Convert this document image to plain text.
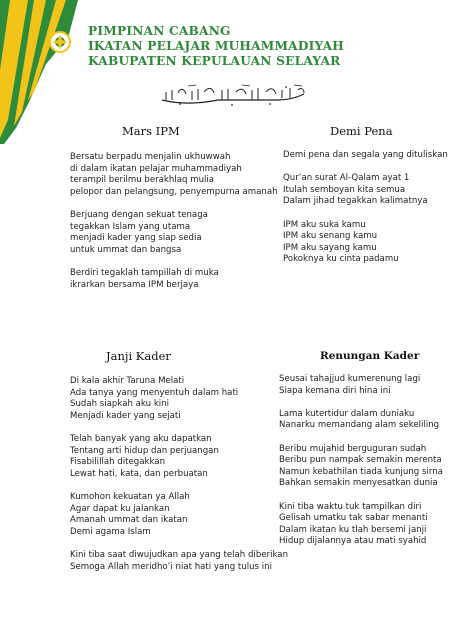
PIMPINAN CABANG
IKATAN PELAJAR MUHAMMADIYAH
KABUPATEN KEPULAUAN SELAYAR
Mars IPM
Bersatu berpadu menjalin ukhuwwah
di dalam ikatan pelajar muhammadiyah
terampil berilmu berakhlaq mulia
pelopor dan pelangsung, penyempurna amanah
Berjuang dengan sekuat tenaga
tegakkan Islam yang utama
menjadi kader yang siap sedia
untuk ummat dan bangsa
Berdiri tegaklah tampillah di muka
ikrarkan bersama IPM berjaya
Demi Pena
Demi pena dan segala yang dituliskan
Qur’an surat Al-Qalam ayat 1
Itulah semboyan kita semua
Dalam jihad tegakkan kalimatnya
IPM aku suka kamu
IPM aku senang kamu
IPM aku sayang kamu
Pokoknya ku cinta padamu
Janji Kader
Di kala akhir Taruna Melati
Ada tanya yang menyentuh dalam hati
Sudah siapkah aku kini
Menjadi kader yang sejati
Telah banyak yang aku dapatkan
Tentang arti hidup dan perjuangan
Fisabilillah ditegakkan
Lewat hati, kata, dan perbuatan
Kumohon kekuatan ya Allah
Agar dapat ku jalankan
Amanah ummat dan ikatan
Demi agama Islam
Kini tiba saat diwujudkan apa yang telah diberikan
Semoga Allah meridho’i niat hati yang tulus ini
Renungan Kader
Seusai tahajjud kumerenung lagi
Siapa kemana diri hina ini
Lama kutertidur dalam duniaku
Nanarku memandang alam sekeliling
Beribu mujahid berguguran sudah
Beribu pun nampak semakin merenta
Namun kebathilan tiada kunjung sirna
Bahkan semakin menyesatkan dunia
Kini tiba waktu tuk tampilkan diri
Gelisah umatku tak sabar menanti
Dalam ikatan ku tlah bersemi janji
Hidup dijalannya atau mati syahid
